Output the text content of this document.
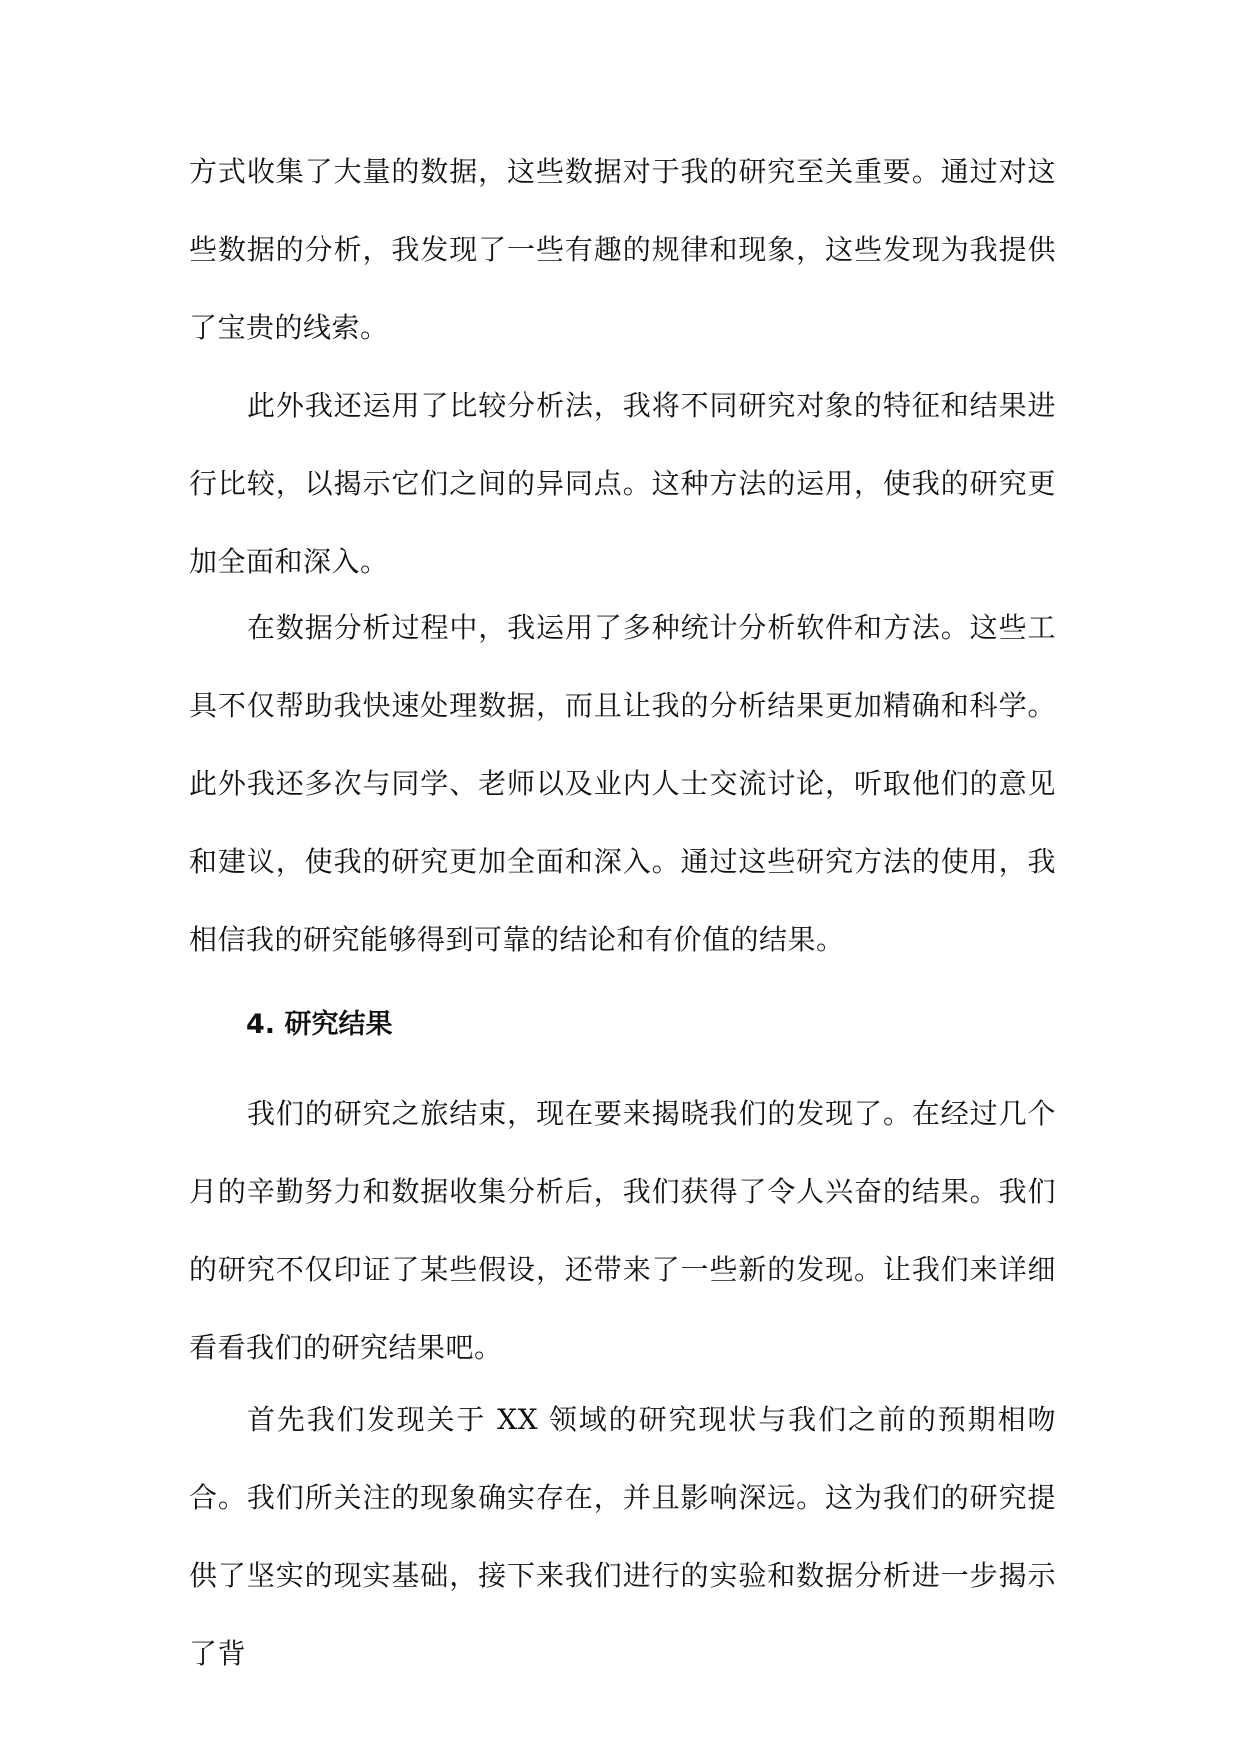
方式收集了大量的数据，这些数据对于我的研究至关重要。通过对这些数据的分析，我发现了一些有趣的规律和现象，这些发现为我提供了宝贵的线索。

此外我还运用了比较分析法，我将不同研究对象的特征和结果进行比较，以揭示它们之间的异同点。这种方法的运用，使我的研究更加全面和深入。

在数据分析过程中，我运用了多种统计分析软件和方法。这些工具不仅帮助我快速处理数据，而且让我的分析结果更加精确和科学。此外我还多次与同学、老师以及业内人士交流讨论，听取他们的意见和建议，使我的研究更加全面和深入。通过这些研究方法的使用，我相信我的研究能够得到可靠的结论和有价值的结果。

4. 研究结果

我们的研究之旅结束，现在要来揭晓我们的发现了。在经过几个月的辛勤努力和数据收集分析后，我们获得了令人兴奋的结果。我们的研究不仅印证了某些假设，还带来了一些新的发现。让我们来详细看看我们的研究结果吧。

首先我们发现关于 XX 领域的研究现状与我们之前的预期相吻合。我们所关注的现象确实存在，并且影响深远。这为我们的研究提供了坚实的现实基础，接下来我们进行的实验和数据分析进一步揭示了背
